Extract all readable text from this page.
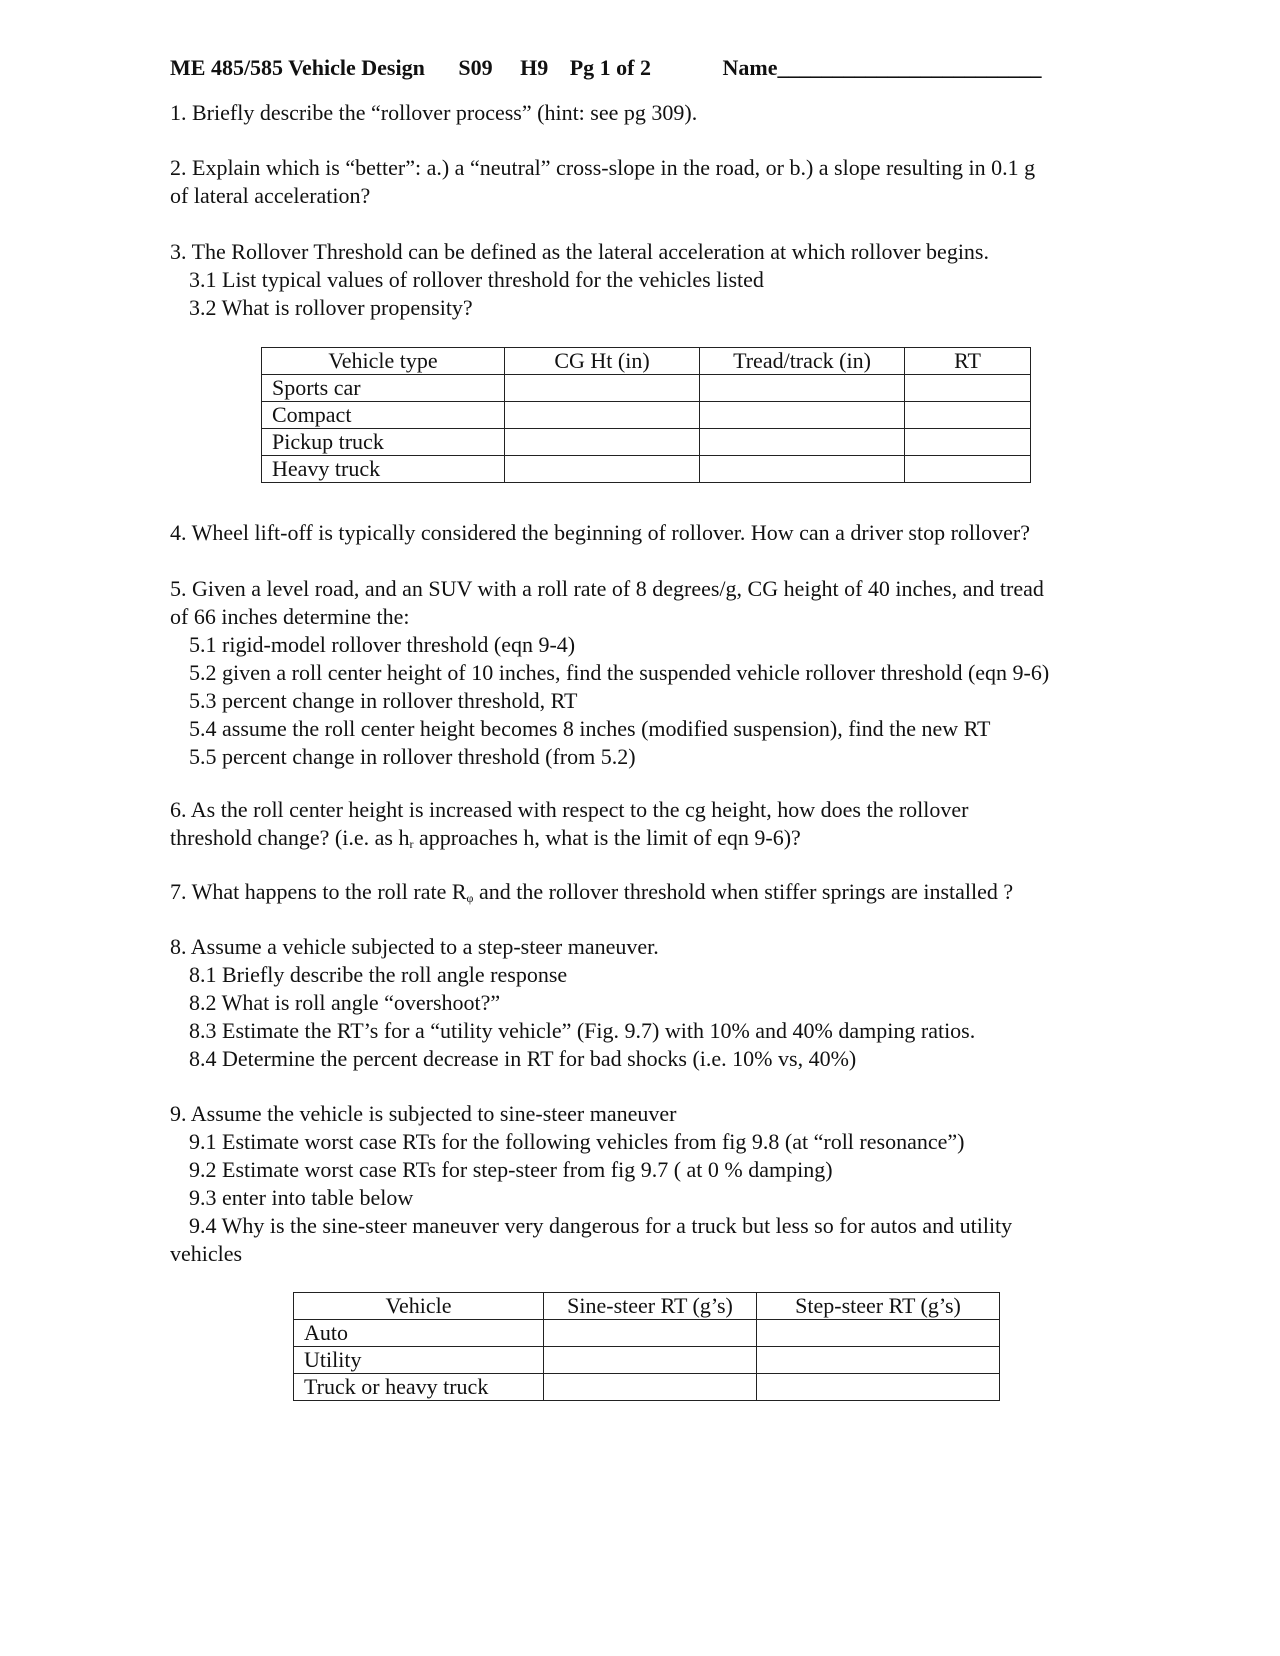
ME 485/585 Vehicle Design S09 H9 Pg 1 of 2	Name________________________
1. Briefly describe the “rollover process” (hint: see pg 309).
2. Explain which is “better”: a.) a “neutral” cross-slope in the road, or b.) a slope resulting in 0.1 g
of lateral acceleration?
3. The Rollover Threshold can be defined as the lateral acceleration at which rollover begins.
3.1 List typical values of rollover threshold for the vehicles listed
3.2 What is rollover propensity?
Vehicle type	CG Ht (in)	Tread/track (in)	RT
Sports car			
Compact			
Pickup truck			
Heavy truck			
4. Wheel lift-off is typically considered the beginning of rollover. How can a driver stop rollover?
5. Given a level road, and an SUV with a roll rate of 8 degrees/g, CG height of 40 inches, and tread
of 66 inches determine the:
5.1 rigid-model rollover threshold (eqn 9-4)
5.2 given a roll center height of 10 inches, find the suspended vehicle rollover threshold (eqn 9-6)
5.3 percent change in rollover threshold, RT
5.4 assume the roll center height becomes 8 inches (modified suspension), find the new RT
5.5 percent change in rollover threshold (from 5.2)
6. As the roll center height is increased with respect to the cg height, how does the rollover
threshold change? (i.e. as $h_r$ approaches h, what is the limit of eqn 9-6)?
7. What happens to the roll rate $R_\varphi$ and the rollover threshold when stiffer springs are installed ?
8. Assume a vehicle subjected to a step-steer maneuver.
8.1 Briefly describe the roll angle response
8.2 What is roll angle “overshoot?”
8.3 Estimate the RT’s for a “utility vehicle” (Fig. 9.7) with 10% and 40% damping ratios.
8.4 Determine the percent decrease in RT for bad shocks (i.e. 10% vs, 40%)
9. Assume the vehicle is subjected to sine-steer maneuver
9.1 Estimate worst case RTs for the following vehicles from fig 9.8 (at “roll resonance”)
9.2 Estimate worst case RTs for step-steer from fig 9.7 ( at 0 % damping)
9.3 enter into table below
9.4 Why is the sine-steer maneuver very dangerous for a truck but less so for autos and utility
vehicles
Vehicle	Sine-steer RT (g’s)	Step-steer RT (g’s)
Auto		
Utility		
Truck or heavy truck		
